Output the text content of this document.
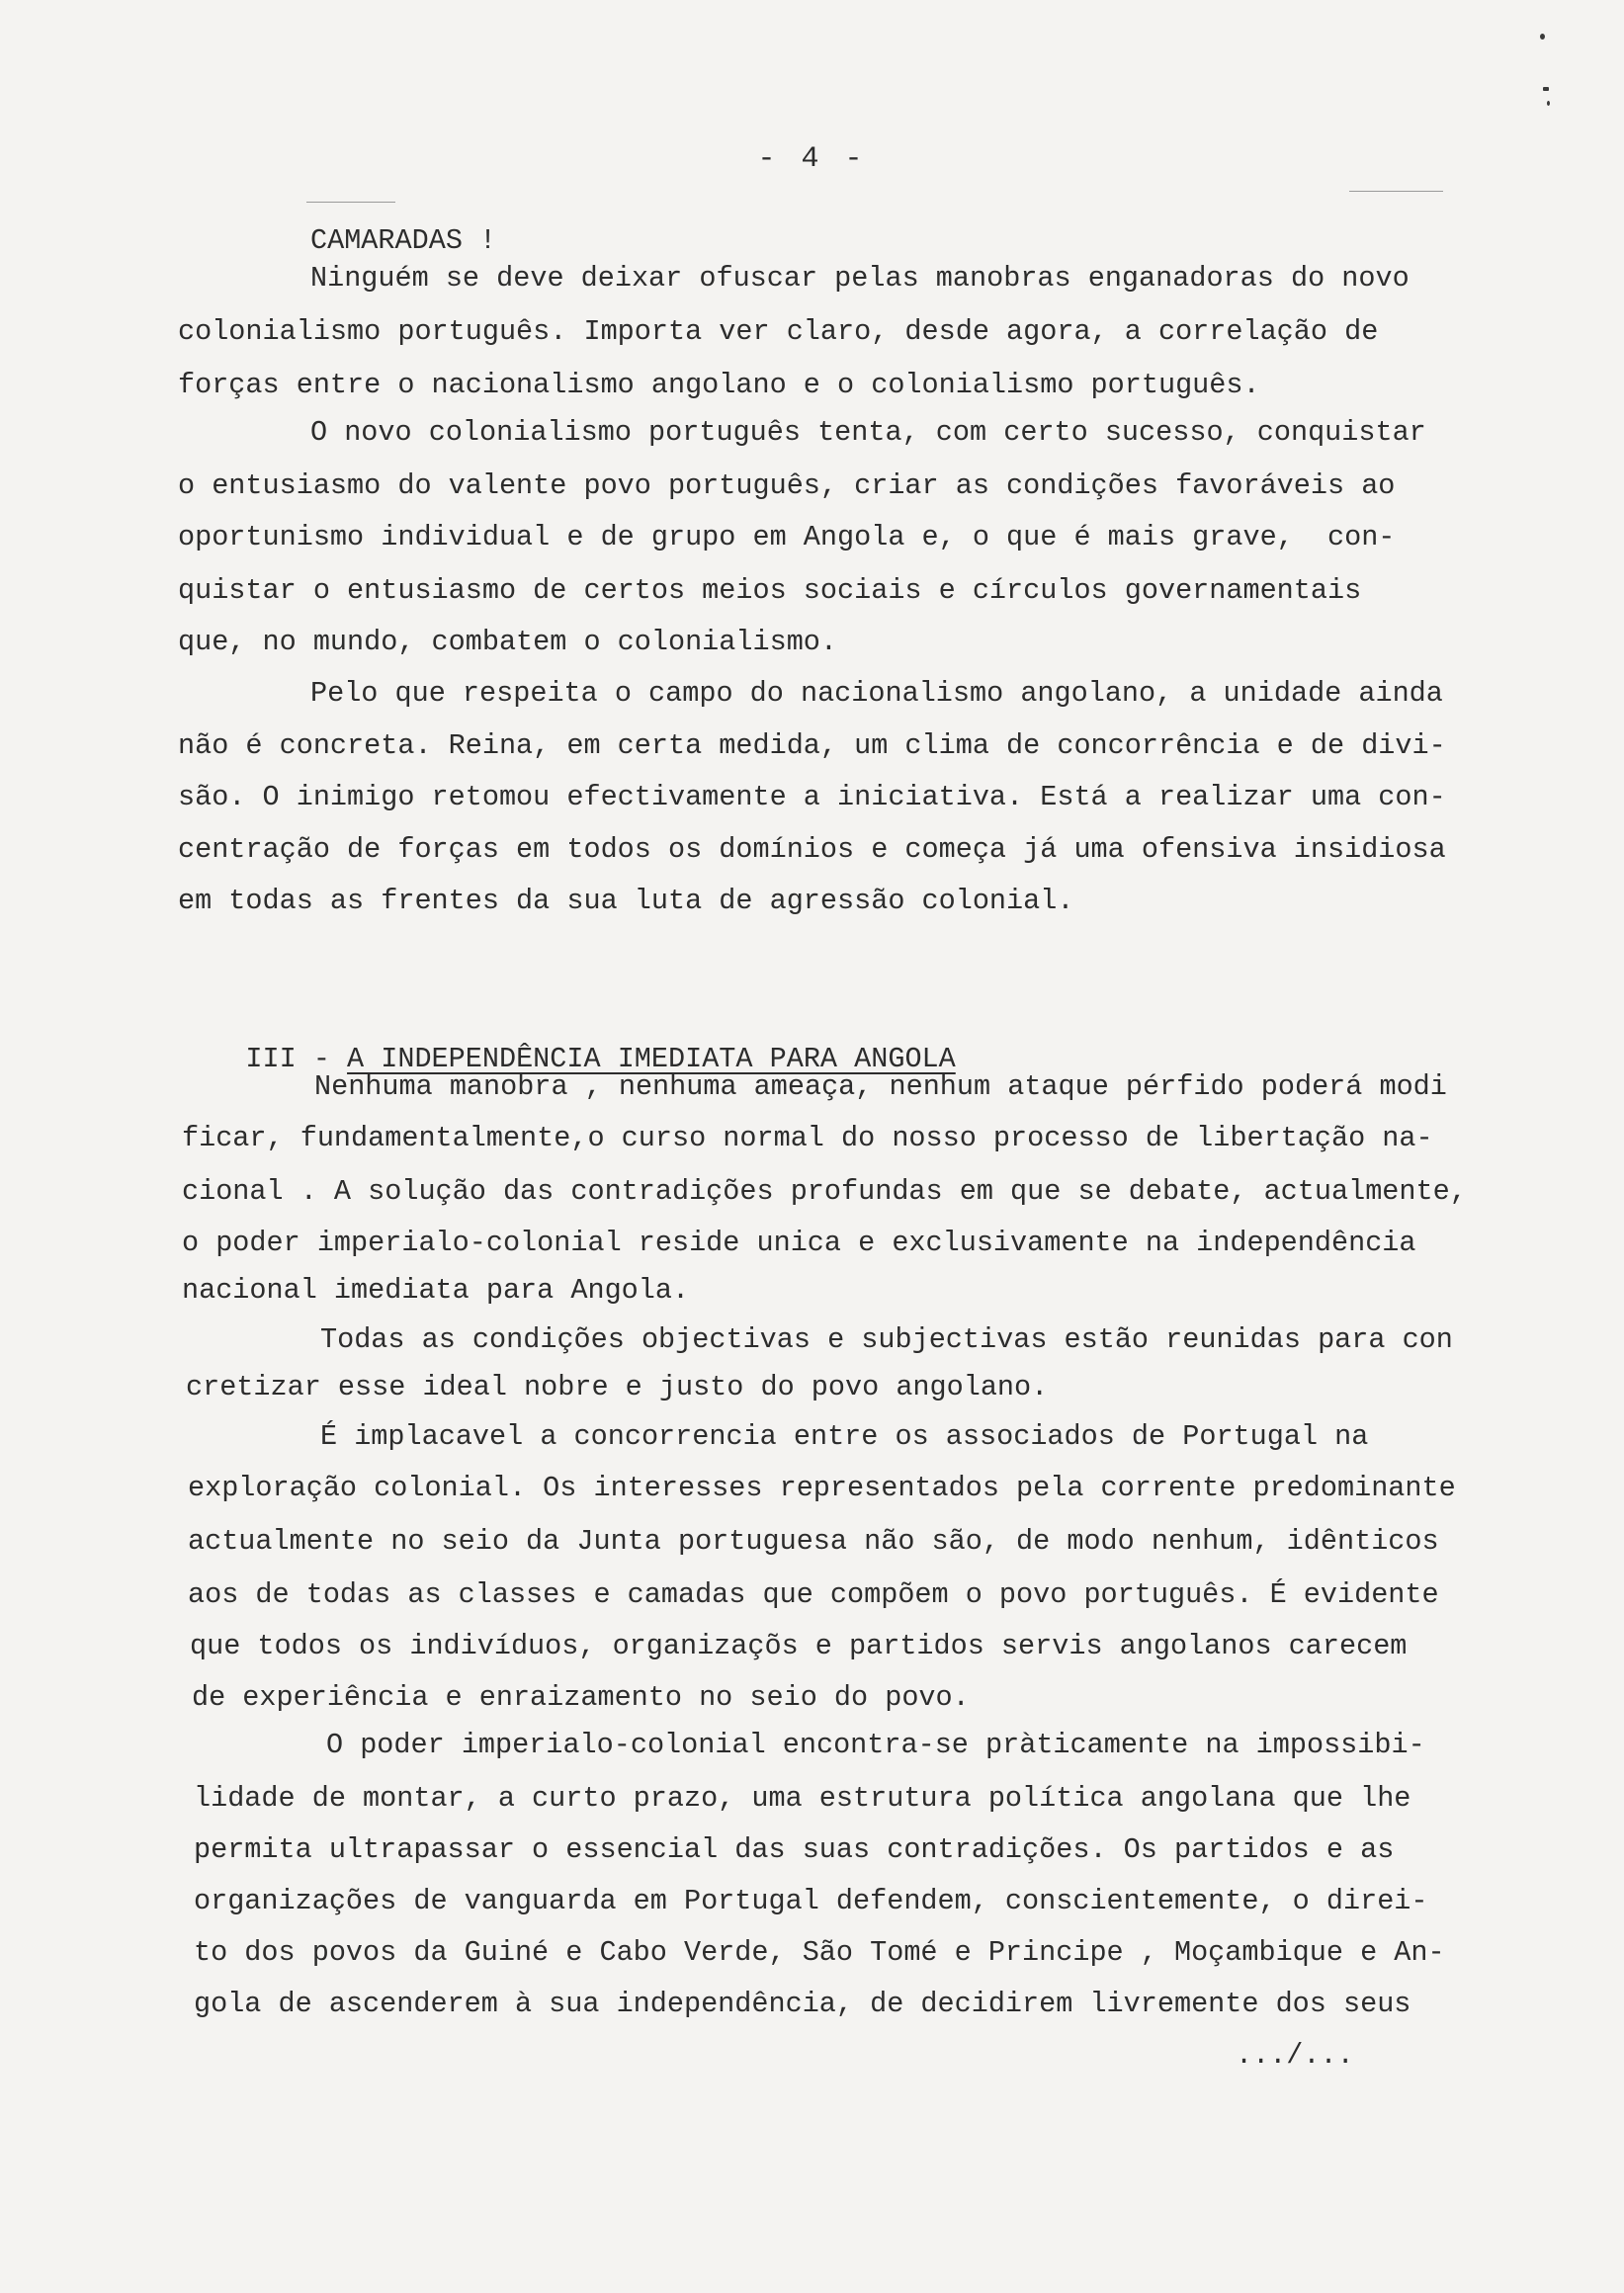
- 4 -
CAMARADAS !
Ninguém se deve deixar ofuscar pelas manobras enganadoras do novo
colonialismo português. Importa ver claro, desde agora, a correlação de
forças entre o nacionalismo angolano e o colonialismo português.
O novo colonialismo português tenta, com certo sucesso, conquistar
o entusiasmo do valente povo português, criar as condições favoráveis ao
oportunismo individual e de grupo em Angola e, o que é mais grave,  con-
quistar o entusiasmo de certos meios sociais e círculos governamentais
que, no mundo, combatem o colonialismo.
Pelo que respeita o campo do nacionalismo angolano, a unidade ainda
não é concreta. Reina, em certa medida, um clima de concorrência e de divi-
são. O inimigo retomou efectivamente a iniciativa. Está a realizar uma con-
centração de forças em todos os domínios e começa já uma ofensiva insidiosa
em todas as frentes da sua luta de agressão colonial.

III - A INDEPENDÊNCIA IMEDIATA PARA ANGOLA

Nenhuma manobra , nenhuma ameaça, nenhum ataque pérfido poderá modi
ficar, fundamentalmente,o curso normal do nosso processo de libertação na-
cional . A solução das contradições profundas em que se debate, actualmente,
o poder imperialo-colonial reside unica e exclusivamente na independência
nacional imediata para Angola.
Todas as condições objectivas e subjectivas estão reunidas para con
cretizar esse ideal nobre e justo do povo angolano.
É implacavel a concorrencia entre os associados de Portugal na
exploração colonial. Os interesses representados pela corrente predominante
actualmente no seio da Junta portuguesa não são, de modo nenhum, idênticos
aos de todas as classes e camadas que compõem o povo português. É evidente
que todos os indivíduos, organizaçõs e partidos servis angolanos carecem
de experiência e enraizamento no seio do povo.
O poder imperialo-colonial encontra-se pràticamente na impossibi-
lidade de montar, a curto prazo, uma estrutura política angolana que lhe
permita ultrapassar o essencial das suas contradições. Os partidos e as
organizações de vanguarda em Portugal defendem, conscientemente, o direi-
to dos povos da Guiné e Cabo Verde, São Tomé e Principe , Moçambique e An-
gola de ascenderem à sua independência, de decidirem livremente dos seus
.../...
